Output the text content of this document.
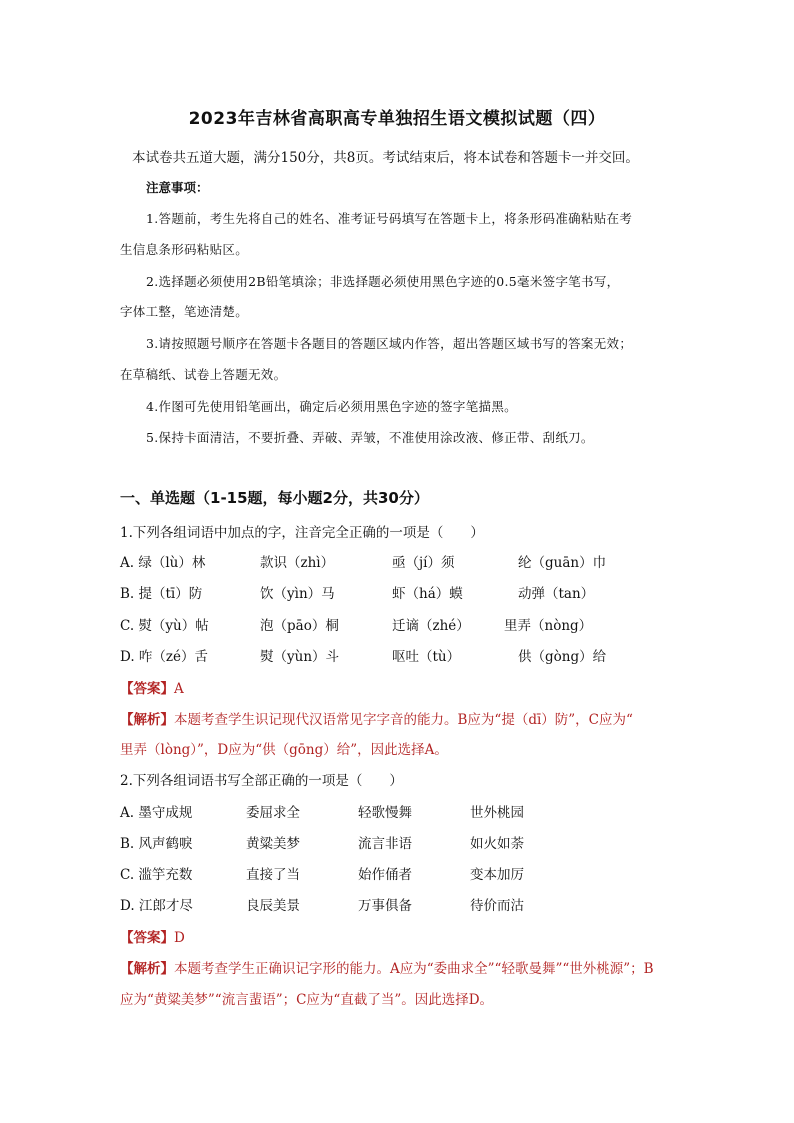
2023年吉林省高职高专单独招生语文模拟试题（四）
本试卷共五道大题，满分150分，共8页。考试结束后，将本试卷和答题卡一并交回。
注意事项：
1.答题前，考生先将自己的姓名、准考证号码填写在答题卡上，将条形码准确粘贴在考
生信息条形码粘贴区。
2.选择题必须使用2B铅笔填涂；非选择题必须使用黑色字迹的0.5毫米签字笔书写，
字体工整，笔迹清楚。
3.请按照题号顺序在答题卡各题目的答题区域内作答，超出答题区域书写的答案无效；
在草稿纸、试卷上答题无效。
4.作图可先使用铅笔画出，确定后必须用黑色字迹的签字笔描黑。
5.保持卡面清洁，不要折叠、弄破、弄皱，不准使用涂改液、修正带、刮纸刀。
一、单选题（1-15题，每小题2分，共30分）
1.下列各组词语中加点的字，注音完全正确的一项是（　　）
A. 绿（lù）林	款识（zhì）	亟（jí）须	纶（guān）巾
B. 提（tī）防	饮（yìn）马	虾（há）蟆	动弹（tan）
C. 熨（yù）帖	泡（pāo）桐	迁谪（zhé）	里弄（nòng）
D. 咋（zé）舌	熨（yùn）斗	呕吐（tù）	供（gòng）给
【答案】A
【解析】本题考查学生识记现代汉语常见字字音的能力。B应为“提（dī）防”，C应为“
里弄（lòng）”，D应为“供（gōng）给”，因此选择A。
2.下列各组词语书写全部正确的一项是（　　）
A. 墨守成规	委屈求全	轻歌慢舞	世外桃园
B. 风声鹤唳	黄粱美梦	流言非语	如火如荼
C. 滥竽充数	直接了当	始作俑者	变本加厉
D. 江郎才尽	良辰美景	万事俱备	待价而沽
【答案】D
【解析】本题考查学生正确识记字形的能力。A应为“委曲求全”“轻歌曼舞”“世外桃源”；B
应为“黄粱美梦”“流言蜚语”；C应为“直截了当”。因此选择D。
